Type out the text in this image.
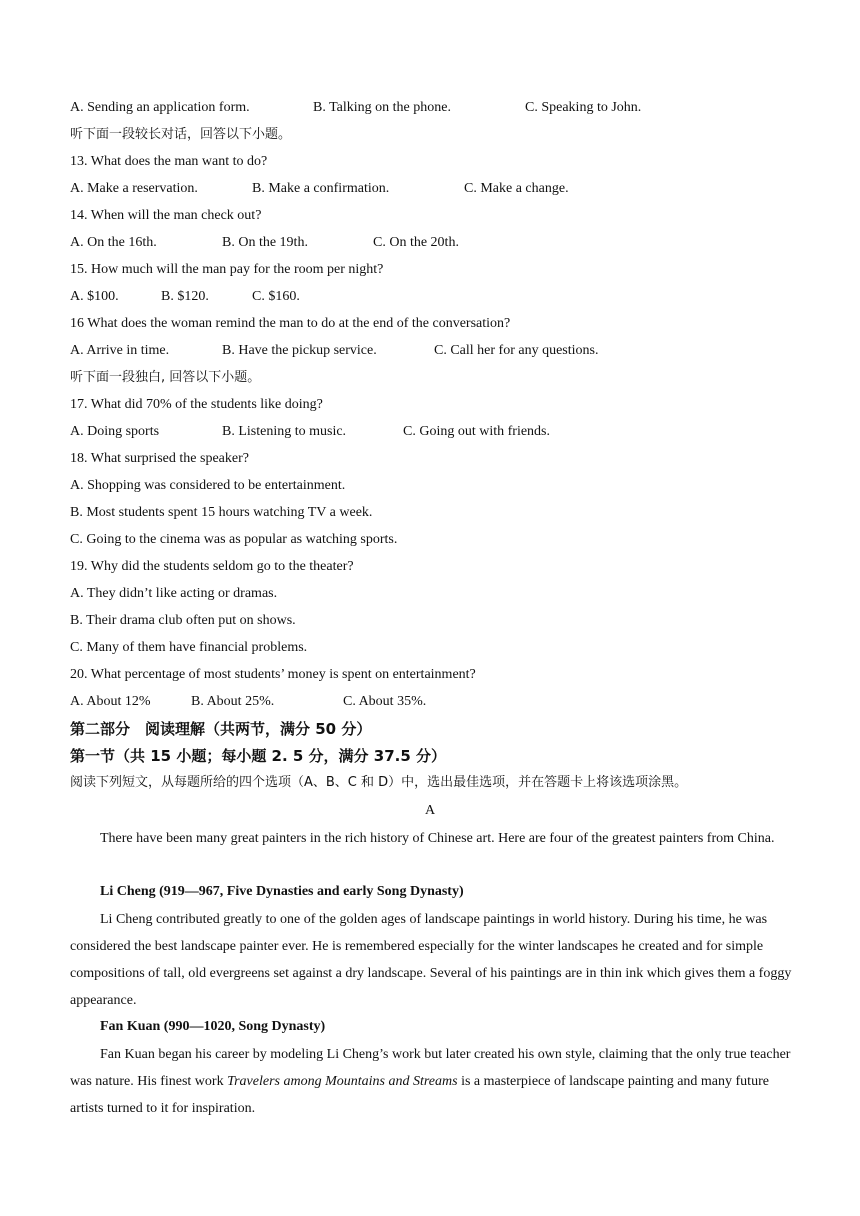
A. Sending an application form.	B. Talking on the phone.	C. Speaking to John.
听下面一段较长对话，回答以下小题。
13. What does the man want to do?
A. Make a reservation.	B. Make a confirmation.	C. Make a change.
14. When will the man check out?
A. On the 16th.	B. On the 19th.	C. On the 20th.
15. How much will the man pay for the room per night?
A. $100.	B. $120.	C. $160.
16 What does the woman remind the man to do at the end of the conversation?
A. Arrive in time.	B. Have the pickup service.	C. Call her for any questions.
听下面一段独白, 回答以下小题。
17. What did 70% of the students like doing?
A. Doing sports	B. Listening to music.	C. Going out with friends.
18. What surprised the speaker?
A. Shopping was considered to be entertainment.
B. Most students spent 15 hours watching TV a week.
C. Going to the cinema was as popular as watching sports.
19. Why did the students seldom go to the theater?
A. They didn’t like acting or dramas.
B. Their drama club often put on shows.
C. Many of them have financial problems.
20. What percentage of most students’ money is spent on entertainment?
A. About 12%	B. About 25%.	C. About 35%.
第二部分　阅读理解（共两节，满分 50 分）
第一节（共 15 小题；每小题 2. 5 分，满分 37.5 分）
阅读下列短文，从每题所给的四个选项（A、B、C 和 D）中，选出最佳选项，并在答题卡上将该选项涂黑。
A
There have been many great painters in the rich history of Chinese art. Here are four of the greatest painters from China.
Li Cheng (919—967, Five Dynasties and early Song Dynasty)
Li Cheng contributed greatly to one of the golden ages of landscape paintings in world history. During his time, he was considered the best landscape painter ever. He is remembered especially for the winter landscapes he created and for simple compositions of tall, old evergreens set against a dry landscape. Several of his paintings are in thin ink which gives them a foggy appearance.
Fan Kuan (990—1020, Song Dynasty)
Fan Kuan began his career by modeling Li Cheng’s work but later created his own style, claiming that the only true teacher was nature. His finest work Travelers among Mountains and Streams is a masterpiece of landscape painting and many future artists turned to it for inspiration.
